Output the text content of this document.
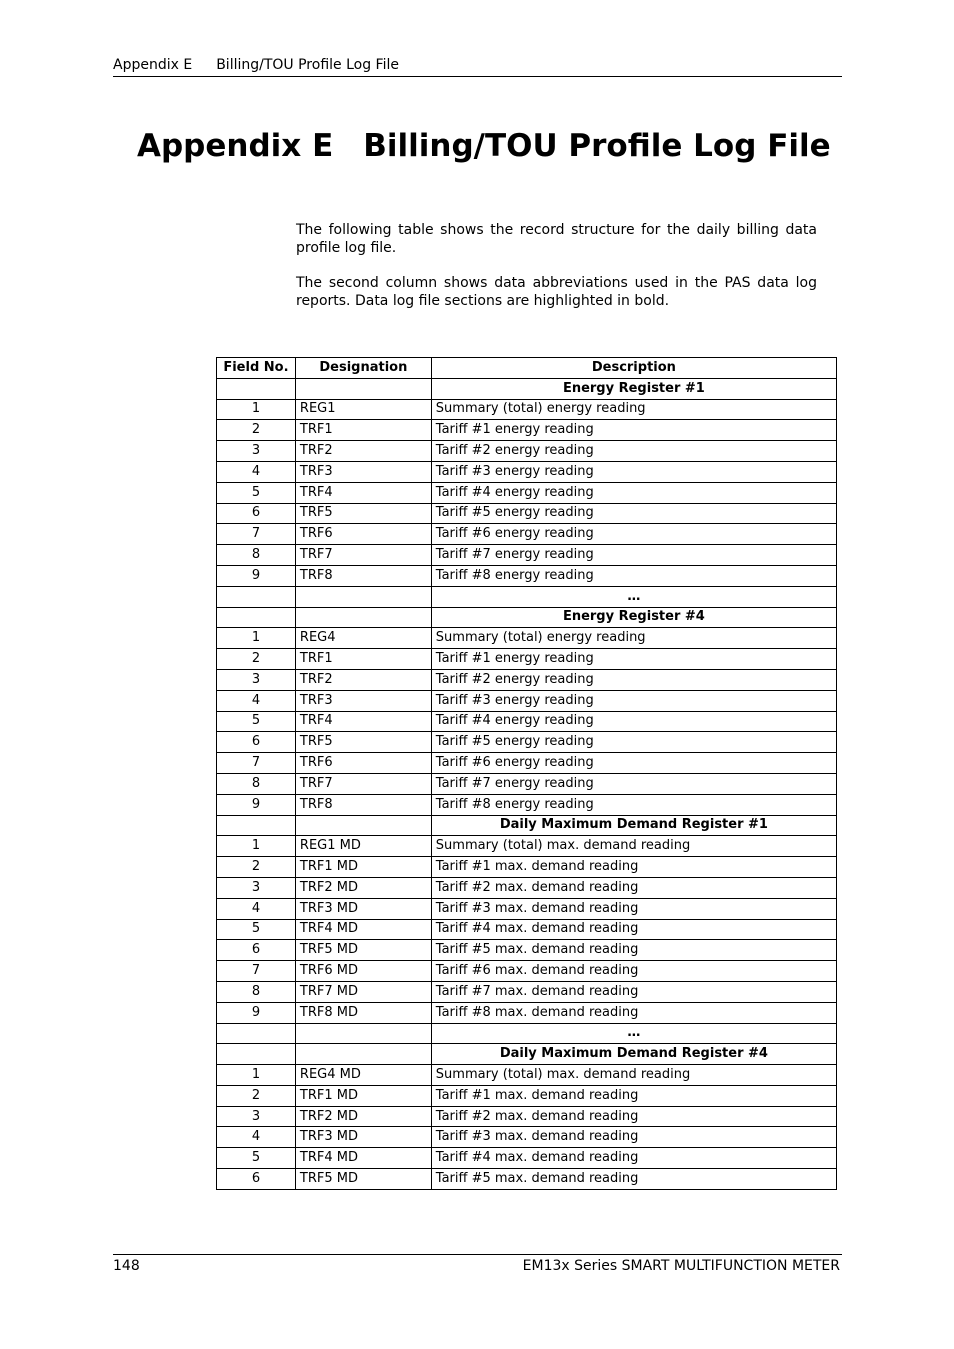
Appendix E Billing/TOU Profile Log File
Appendix E Billing/TOU Profile Log File

The following table shows the record structure for the daily billing data profile log file.

The second column shows data abbreviations used in the PAS data log reports. Data log file sections are highlighted in bold.

Field No.	Designation	Description
		Energy Register #1
1	REG1	Summary (total) energy reading
2	TRF1	Tariff #1 energy reading
3	TRF2	Tariff #2 energy reading
4	TRF3	Tariff #3 energy reading
5	TRF4	Tariff #4 energy reading
6	TRF5	Tariff #5 energy reading
7	TRF6	Tariff #6 energy reading
8	TRF7	Tariff #7 energy reading
9	TRF8	Tariff #8 energy reading
		…
		Energy Register #4
1	REG4	Summary (total) energy reading
2	TRF1	Tariff #1 energy reading
3	TRF2	Tariff #2 energy reading
4	TRF3	Tariff #3 energy reading
5	TRF4	Tariff #4 energy reading
6	TRF5	Tariff #5 energy reading
7	TRF6	Tariff #6 energy reading
8	TRF7	Tariff #7 energy reading
9	TRF8	Tariff #8 energy reading
		Daily Maximum Demand Register #1
1	REG1 MD	Summary (total) max. demand reading
2	TRF1 MD	Tariff #1 max. demand reading
3	TRF2 MD	Tariff #2 max. demand reading
4	TRF3 MD	Tariff #3 max. demand reading
5	TRF4 MD	Tariff #4 max. demand reading
6	TRF5 MD	Tariff #5 max. demand reading
7	TRF6 MD	Tariff #6 max. demand reading
8	TRF7 MD	Tariff #7 max. demand reading
9	TRF8 MD	Tariff #8 max. demand reading
		…
		Daily Maximum Demand Register #4
1	REG4 MD	Summary (total) max. demand reading
2	TRF1 MD	Tariff #1 max. demand reading
3	TRF2 MD	Tariff #2 max. demand reading
4	TRF3 MD	Tariff #3 max. demand reading
5	TRF4 MD	Tariff #4 max. demand reading
6	TRF5 MD	Tariff #5 max. demand reading
148	EM13x Series SMART MULTIFUNCTION METER
